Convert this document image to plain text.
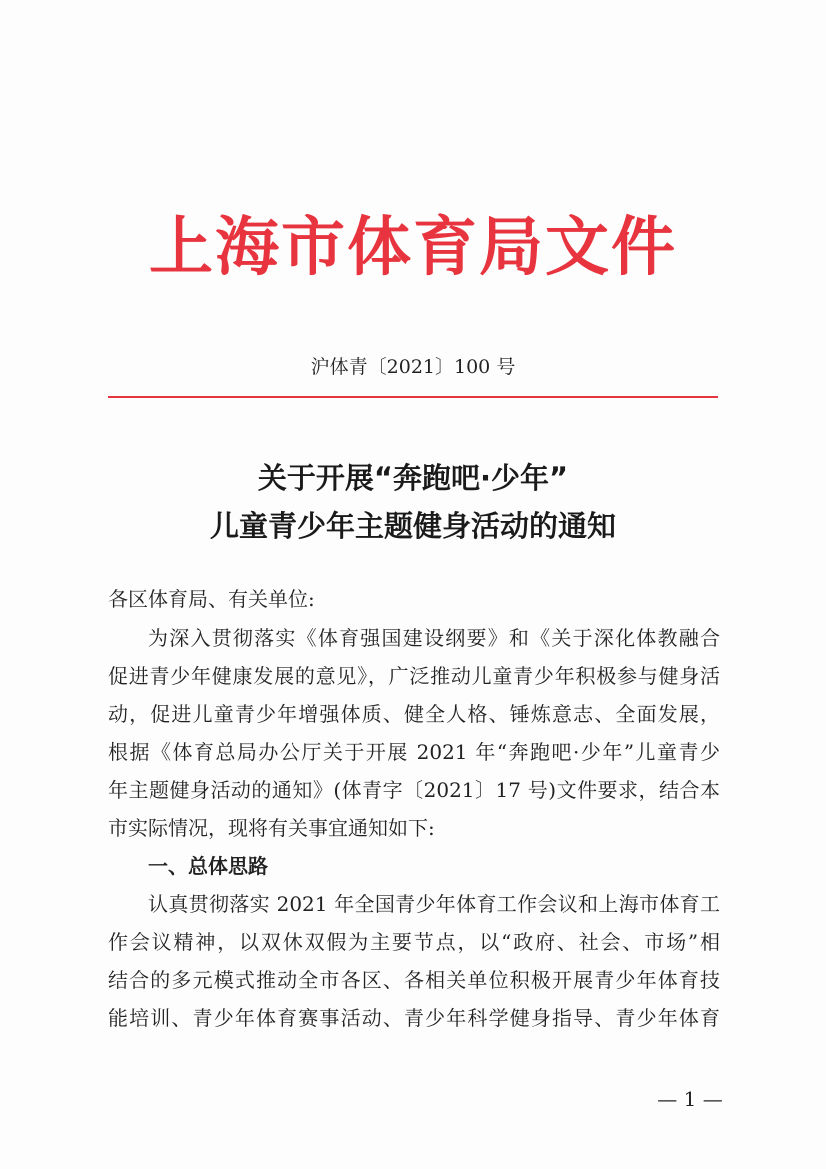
上海市体育局文件
沪体青〔2021〕100 号
关于开展“奔跑吧·少年”
儿童青少年主题健身活动的通知
各区体育局、有关单位:
为深入贯彻落实《体育强国建设纲要》和《关于深化体教融合
促进青少年健康发展的意见》，广泛推动儿童青少年积极参与健身活
动，促进儿童青少年增强体质、健全人格、锤炼意志、全面发展，
根据《体育总局办公厅关于开展 2021 年“奔跑吧·少年”儿童青少
年主题健身活动的通知》(体青字〔2021〕17 号)文件要求，结合本
市实际情况，现将有关事宜通知如下:
一、总体思路
认真贯彻落实 2021 年全国青少年体育工作会议和上海市体育工
作会议精神，以双休双假为主要节点，以“政府、社会、市场”相
结合的多元模式推动全市各区、各相关单位积极开展青少年体育技
能培训、青少年体育赛事活动、青少年科学健身指导、青少年体育
— 1 —
